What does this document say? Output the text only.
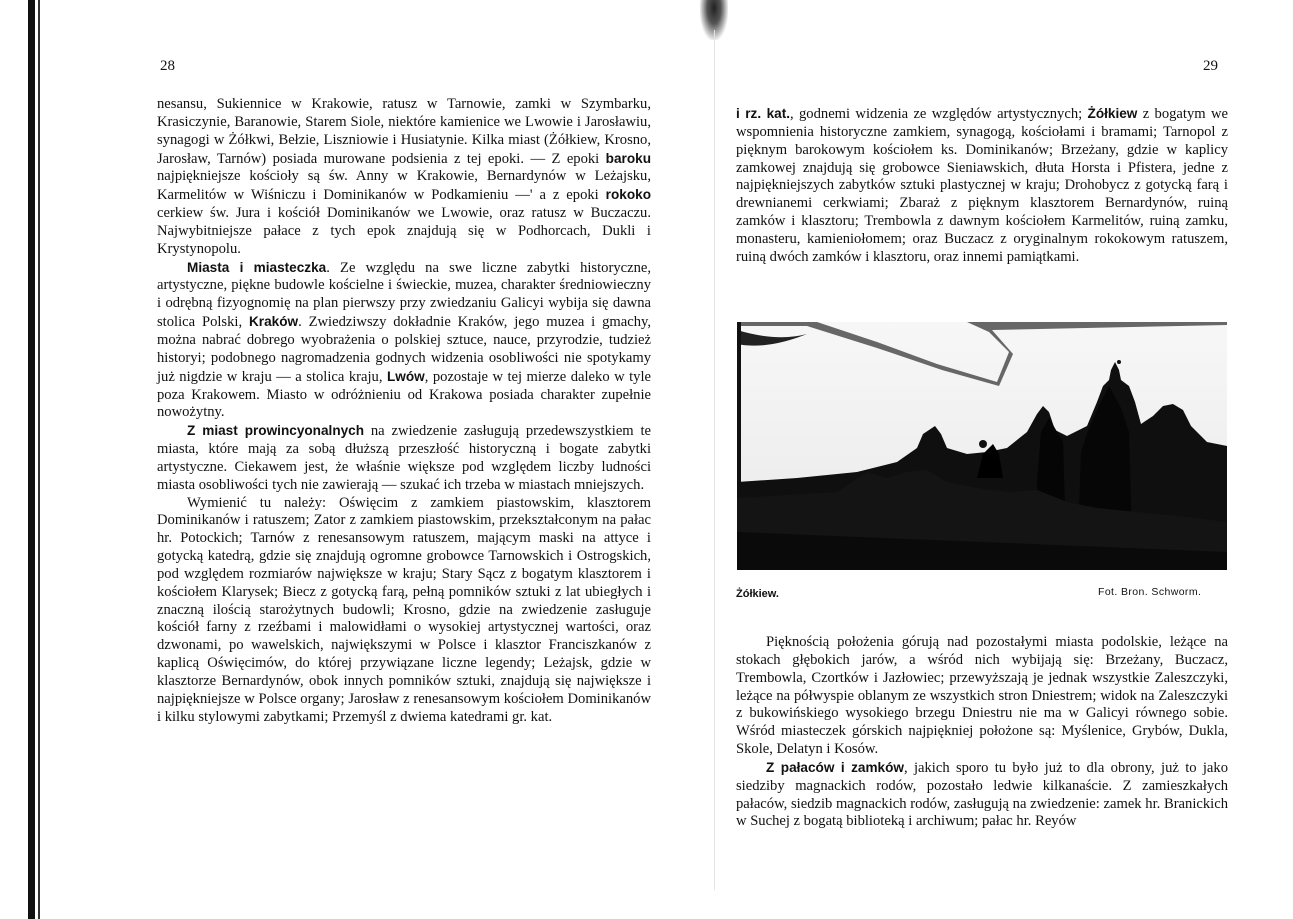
28	29

nesansu, Sukiennice w Krakowie, ratusz w Tarnowie, zamki w Szymbarku, Krasiczynie, Baranowie, Starem Siole, niektóre kamienice we Lwowie i Jarosławiu, synagogi w Żółkwi, Bełzie, Liszniowie i Husiatynie. Kilka miast (Żółkiew, Krosno, Jarosław, Tarnów) posiada murowane podsienia z tej epoki. — Z epoki baroku najpiękniejsze kościoły są św. Anny w Krakowie, Bernardynów w Leżajsku, Karmelitów w Wiśniczu i Dominikanów w Podkamieniu —' a z epoki rokoko cerkiew św. Jura i kościół Dominikanów we Lwowie, oraz ratusz w Buczaczu. Najwybitniejsze pałace z tych epok znajdują się w Podhorcach, Dukli i Krystynopolu.

Miasta i miasteczka. Ze względu na swe liczne zabytki historyczne, artystyczne, piękne budowle kościelne i świeckie, muzea, charakter średniowieczny i odrębną fizyognomię na plan pierwszy przy zwiedzaniu Galicyi wybija się dawna stolica Polski, Kraków. Zwiedziwszy dokładnie Kraków, jego muzea i gmachy, można nabrać dobrego wyobrażenia o polskiej sztuce, nauce, przyrodzie, tudzież historyi; podobnego nagromadzenia godnych widzenia osobliwości nie spotykamy już nigdzie w kraju — a stolica kraju, Lwów, pozostaje w tej mierze daleko w tyle poza Krakowem. Miasto w odróżnieniu od Krakowa posiada charakter zupełnie nowożytny.

Z miast prowincyonalnych na zwiedzenie zasługują przedewszystkiem te miasta, które mają za sobą dłuższą przeszłość historyczną i bogate zabytki artystyczne. Ciekawem jest, że właśnie większe pod względem liczby ludności miasta osobliwości tych nie zawierają — szukać ich trzeba w miastach mniejszych.

Wymienić tu należy: Oświęcim z zamkiem piastowskim, klasztorem Dominikanów i ratuszem; Zator z zamkiem piastowskim, przekształconym na pałac hr. Potockich; Tarnów z renesansowym ratuszem, mającym maski na attyce i gotycką katedrą, gdzie się znajdują ogromne grobowce Tarnowskich i Ostrogskich, pod względem rozmiarów największe w kraju; Stary Sącz z bogatym klasztorem i kościołem Klarysek; Biecz z gotycką farą, pełną pomników sztuki z lat ubiegłych i znaczną ilością starożytnych budowli; Krosno, gdzie na zwiedzenie zasługuje kościół farny z rzeźbami i malowidłami o wysokiej artystycznej wartości, oraz dzwonami, po wawelskich, największymi w Polsce i klasztor Franciszkanów z kaplicą Oświęcimów, do której przywiązane liczne legendy; Leżajsk, gdzie w klasztorze Bernardynów, obok innych pomników sztuki, znajdują się największe i najpiękniejsze w Polsce organy; Jarosław z renesansowym kościołem Dominikanów i kilku stylowymi zabytkami; Przemyśl z dwiema katedrami gr. kat.

i rz. kat., godnemi widzenia ze względów artystycznych; Żółkiew z bogatym we wspomnienia historyczne zamkiem, synagogą, kościołami i bramami; Tarnopol z pięknym barokowym kościołem ks. Dominikanów; Brzeżany, gdzie w kaplicy zamkowej znajdują się grobowce Sieniawskich, dłuta Horsta i Pfistera, jedne z najpiękniejszych zabytków sztuki plastycznej w kraju; Drohobycz z gotycką farą i drewnianemi cerkwiami; Zbaraż z pięknym klasztorem Bernardynów, ruiną zamków i klasztoru; Trembowla z dawnym kościołem Karmelitów, ruiną zamku, monasteru, kamieniołomem; oraz Buczacz z oryginalnym rokokowym ratuszem, ruiną dwóch zamków i klasztoru, oraz innemi pamiątkami.

Żółkiew.	Fot. Bron. Schworm.

Pięknością położenia górują nad pozostałymi miasta podolskie, leżące na stokach głębokich jarów, a wśród nich wybijają się: Brzeżany, Buczacz, Trembowla, Czortków i Jazłowiec; przewyższają je jednak wszystkie Zaleszczyki, leżące na półwyspie oblanym ze wszystkich stron Dniestrem; widok na Zaleszczyki z bukowińskiego wysokiego brzegu Dniestru nie ma w Galicyi równego sobie. Wśród miasteczek górskich najpiękniej położone są: Myślenice, Grybów, Dukla, Skole, Delatyn i Kosów.

Z pałaców i zamków, jakich sporo tu było już to dla obrony, już to jako siedziby magnackich rodów, pozostało ledwie kilkanaście. Z zamieszkałych pałaców, siedzib magnackich rodów, zasługują na zwiedzenie: zamek hr. Branickich w Suchej z bogatą biblioteką i archiwum; pałac hr. Reyów
